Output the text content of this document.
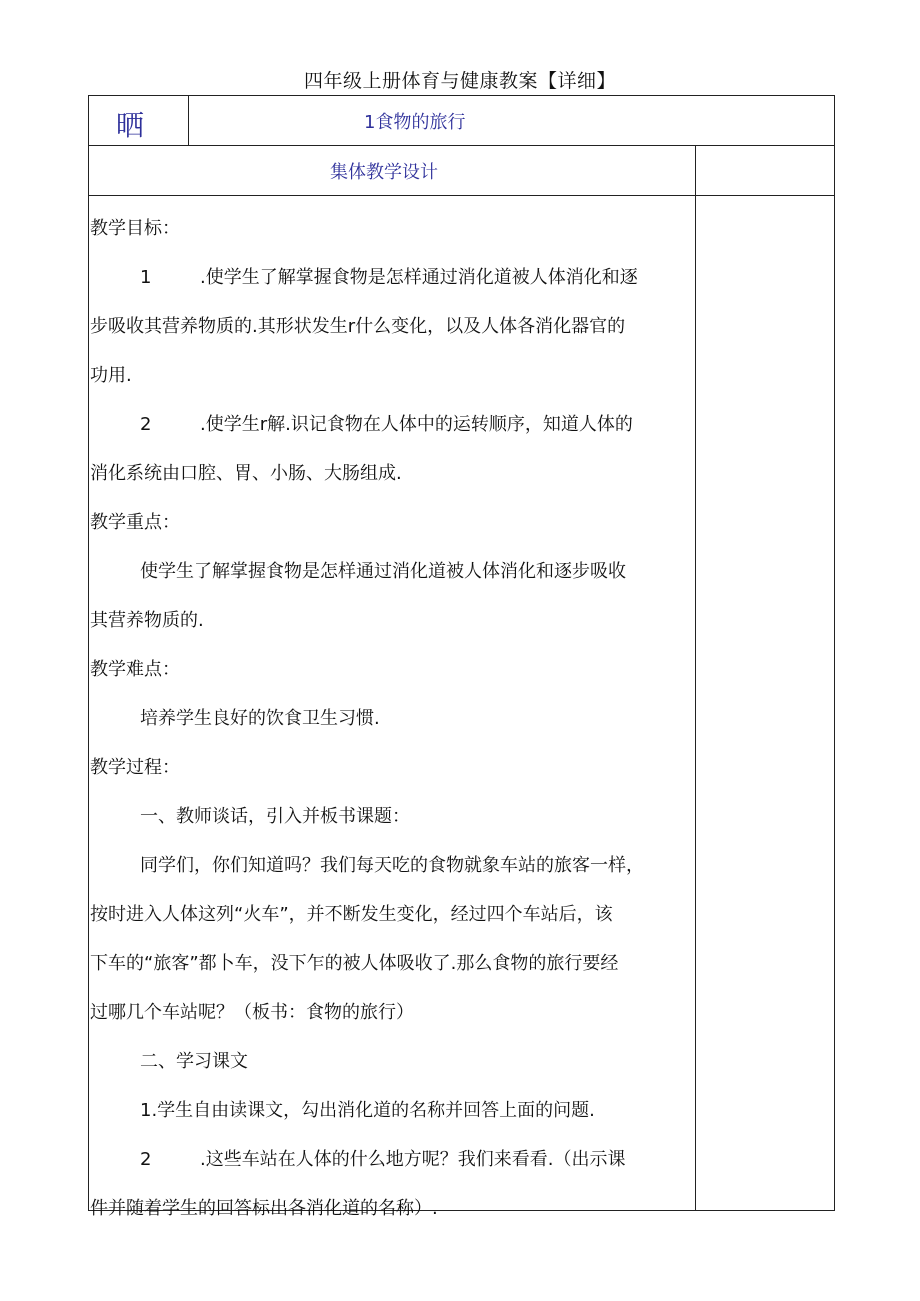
四年级上册体育与健康教案【详细】
晒	1食物的旅行
集体教学设计

教学目标：

1	.使学生了解掌握食物是怎样通过消化道被人体消化和逐

步吸收其营养物质的.其形状发生r什么变化，以及人体各消化器官的

功用.

2	.使学生r解.识记食物在人体中的运转顺序，知道人体的

消化系统由口腔、胃、小肠、大肠组成.

教学重点：

使学生了解掌握食物是怎样通过消化道被人体消化和逐步吸收

其营养物质的.

教学难点：

培养学生良好的饮食卫生习惯.

教学过程：

一、教师谈话，引入并板书课题：

同学们，你们知道吗？我们每天吃的食物就象车站的旅客一样，

按时进入人体这列“火车”，并不断发生变化，经过四个车站后，该

下车的“旅客”都卜车，没下乍的被人体吸收了.那么食物的旅行要经

过哪几个车站呢？（板书：食物的旅行）

二、学习课文

1.学生自由读课文，勾出消化道的名称并回答上面的问题.

2	.这些车站在人体的什么地方呢？我们来看看.（出示课

件并随着学生的回答标出各消化道的名称）.
